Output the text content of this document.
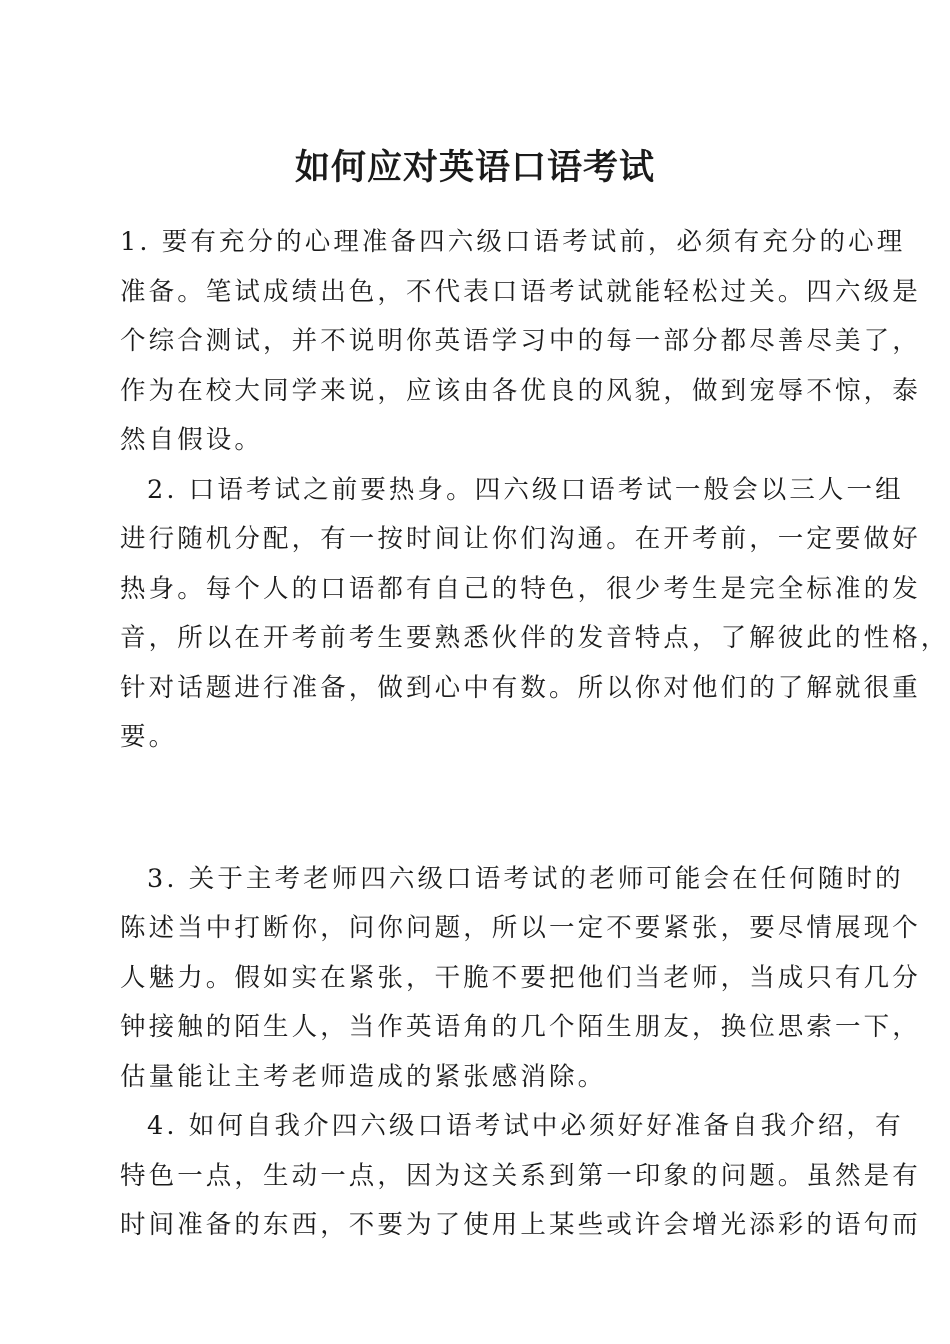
如何应对英语口语考试

1. 要有充分的心理准备四六级口语考试前，必须有充分的心理
准备。笔试成绩出色，不代表口语考试就能轻松过关。四六级是
个综合测试，并不说明你英语学习中的每一部分都尽善尽美了，
作为在校大同学来说，应该由各优良的风貌，做到宠辱不惊，泰
然自假设。

2. 口语考试之前要热身。四六级口语考试一般会以三人一组
进行随机分配，有一按时间让你们沟通。在开考前，一定要做好
热身。每个人的口语都有自己的特色，很少考生是完全标准的发
音，所以在开考前考生要熟悉伙伴的发音特点，了解彼此的性格，
针对话题进行准备，做到心中有数。所以你对他们的了解就很重
要。

3. 关于主考老师四六级口语考试的老师可能会在任何随时的
陈述当中打断你，问你问题，所以一定不要紧张，要尽情展现个
人魅力。假如实在紧张，干脆不要把他们当老师，当成只有几分
钟接触的陌生人，当作英语角的几个陌生朋友，换位思索一下，
估量能让主考老师造成的紧张感消除。

4. 如何自我介四六级口语考试中必须好好准备自我介绍，有
特色一点，生动一点，因为这关系到第一印象的问题。虽然是有
时间准备的东西，不要为了使用上某些或许会增光添彩的语句而
